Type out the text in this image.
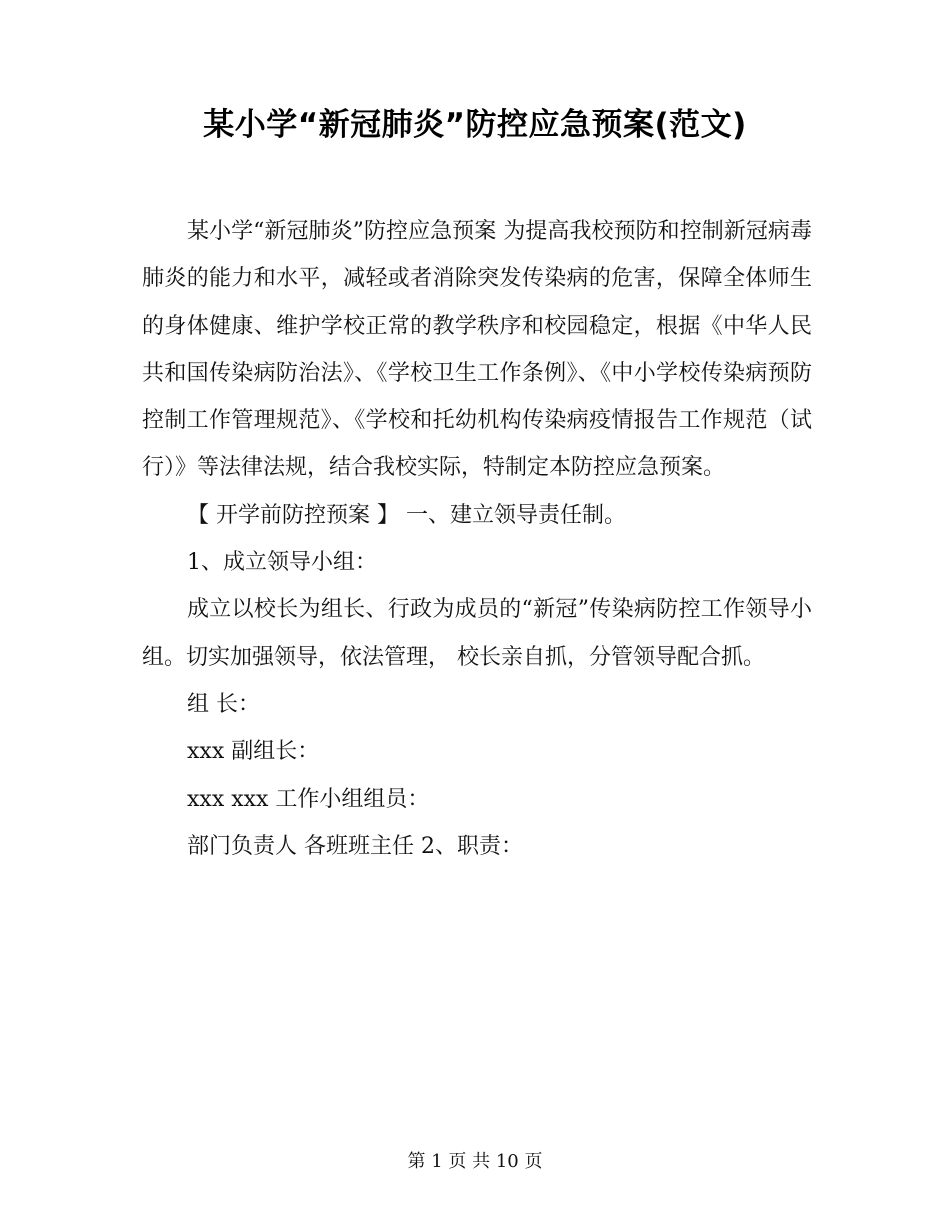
某小学“新冠肺炎”防控应急预案(范文)

某小学“新冠肺炎”防控应急预案 为提高我校预防和控制新冠病毒肺炎的能力和水平，减轻或者消除突发传染病的危害，保障全体师生的身体健康、维护学校正常的教学秩序和校园稳定，根据《中华人民共和国传染病防治法》、《学校卫生工作条例》、《中小学校传染病预防控制工作管理规范》、《学校和托幼机构传染病疫情报告工作规范（试行）》等法律法规，结合我校实际，特制定本防控应急预案。

【 开学前防控预案 】 一、建立领导责任制。

1、成立领导小组：

成立以校长为组长、行政为成员的“新冠”传染病防控工作领导小组。切实加强领导，依法管理， 校长亲自抓，分管领导配合抓。

组 长：

xxx 副组长：

xxx xxx 工作小组组员：

部门负责人 各班班主任 2、职责：

第 1 页 共 10 页
